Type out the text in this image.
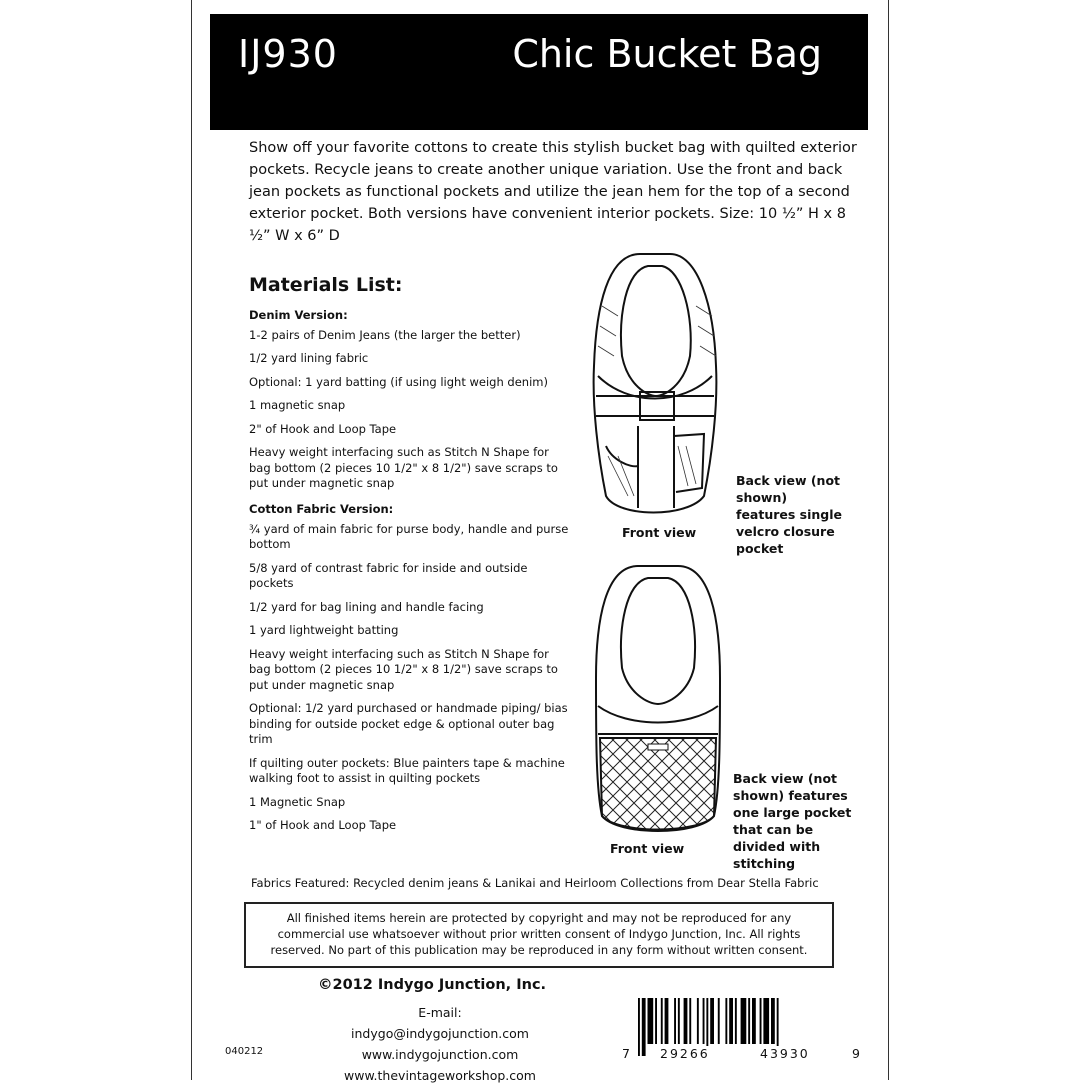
IJ930	Chic Bucket Bag
Show off your favorite cottons to create this stylish bucket bag with quilted exterior pockets. Recycle jeans to create another unique variation. Use the front and back jean pockets as functional pockets and utilize the jean hem for the top of a second exterior pocket. Both versions have convenient interior pockets. Size: 10 ½” H x 8 ½” W x 6” D
Materials List:
Denim Version:
1-2 pairs of Denim Jeans (the larger the better)
1/2 yard lining fabric
Optional: 1 yard batting (if using light weigh denim)
1 magnetic snap
2" of Hook and Loop Tape
Heavy weight interfacing such as Stitch N Shape for bag bottom (2 pieces 10 1/2" x 8 1/2") save scraps to put under magnetic snap
Cotton Fabric Version:
¾ yard of main fabric for purse body, handle and purse bottom
5/8 yard of contrast fabric for inside and outside pockets
1/2 yard for bag lining and handle facing
1 yard lightweight batting
Heavy weight interfacing such as Stitch N Shape for bag bottom (2 pieces 10 1/2" x 8 1/2") save scraps to put under magnetic snap
Optional: 1/2 yard purchased or handmade piping/ bias binding for outside pocket edge & optional outer bag trim
If quilting outer pockets: Blue painters tape & machine walking foot to assist in quilting pockets
1 Magnetic Snap
1" of Hook and Loop Tape
Front view
Back view (not shown) features single velcro closure pocket
Front view
Back view (not shown) features one large pocket that can be divided with stitching
Fabrics Featured: Recycled denim jeans & Lanikai and Heirloom Collections from Dear Stella Fabric
All finished items herein are protected by copyright and may not be reproduced for any commercial use whatsoever without prior written consent of Indygo Junction, Inc. All rights reserved. No part of this publication may be reproduced in any form without written consent.
©2012 Indygo Junction, Inc.
E-mail: indygo@indygojunction.com
www.indygojunction.com
www.thevintageworkshop.com
040212	7 29266	43930	9
